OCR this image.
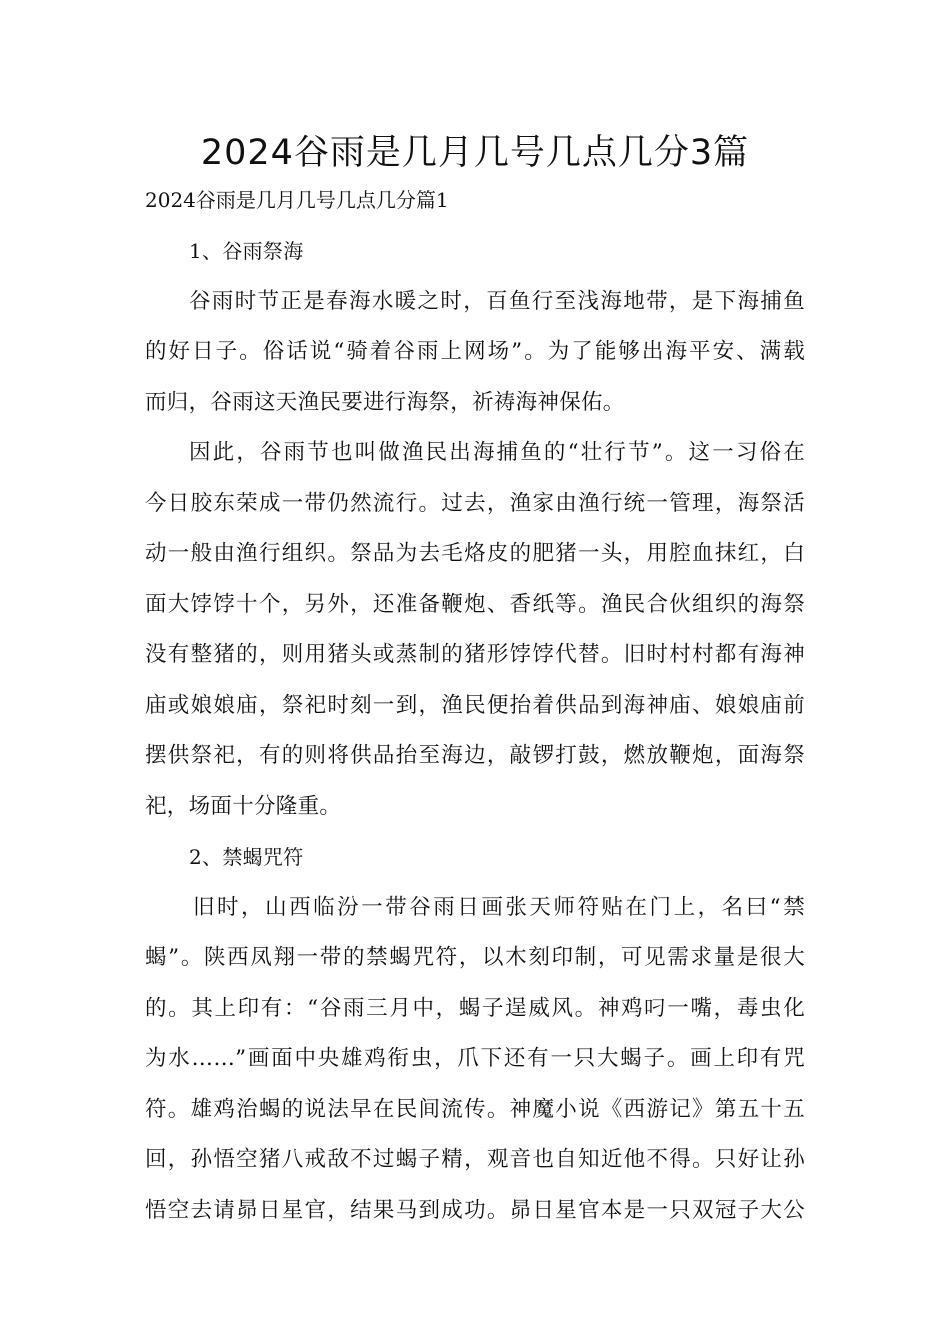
2024谷雨是几月几号几点几分3篇
2024谷雨是几月几号几点几分篇1
1、谷雨祭海
谷雨时节正是春海水暖之时，百鱼行至浅海地带，是下海捕鱼
的好日子。俗话说“骑着谷雨上网场”。为了能够出海平安、满载
而归，谷雨这天渔民要进行海祭，祈祷海神保佑。
因此，谷雨节也叫做渔民出海捕鱼的“壮行节”。这一习俗在
今日胶东荣成一带仍然流行。过去，渔家由渔行统一管理，海祭活
动一般由渔行组织。祭品为去毛烙皮的肥猪一头，用腔血抹红，白
面大饽饽十个，另外，还准备鞭炮、香纸等。渔民合伙组织的海祭
没有整猪的，则用猪头或蒸制的猪形饽饽代替。旧时村村都有海神
庙或娘娘庙，祭祀时刻一到，渔民便抬着供品到海神庙、娘娘庙前
摆供祭祀，有的则将供品抬至海边，敲锣打鼓，燃放鞭炮，面海祭
祀，场面十分隆重。
2、禁蝎咒符
旧时，山西临汾一带谷雨日画张天师符贴在门上，名曰“禁
蝎”。陕西凤翔一带的禁蝎咒符，以木刻印制，可见需求量是很大
的。其上印有：“谷雨三月中，蝎子逞威风。神鸡叼一嘴，毒虫化
为水……”画面中央雄鸡衔虫，爪下还有一只大蝎子。画上印有咒
符。雄鸡治蝎的说法早在民间流传。神魔小说《西游记》第五十五
回，孙悟空猪八戒敌不过蝎子精，观音也自知近他不得。只好让孙
悟空去请昴日星官，结果马到成功。昴日星官本是一只双冠子大公
